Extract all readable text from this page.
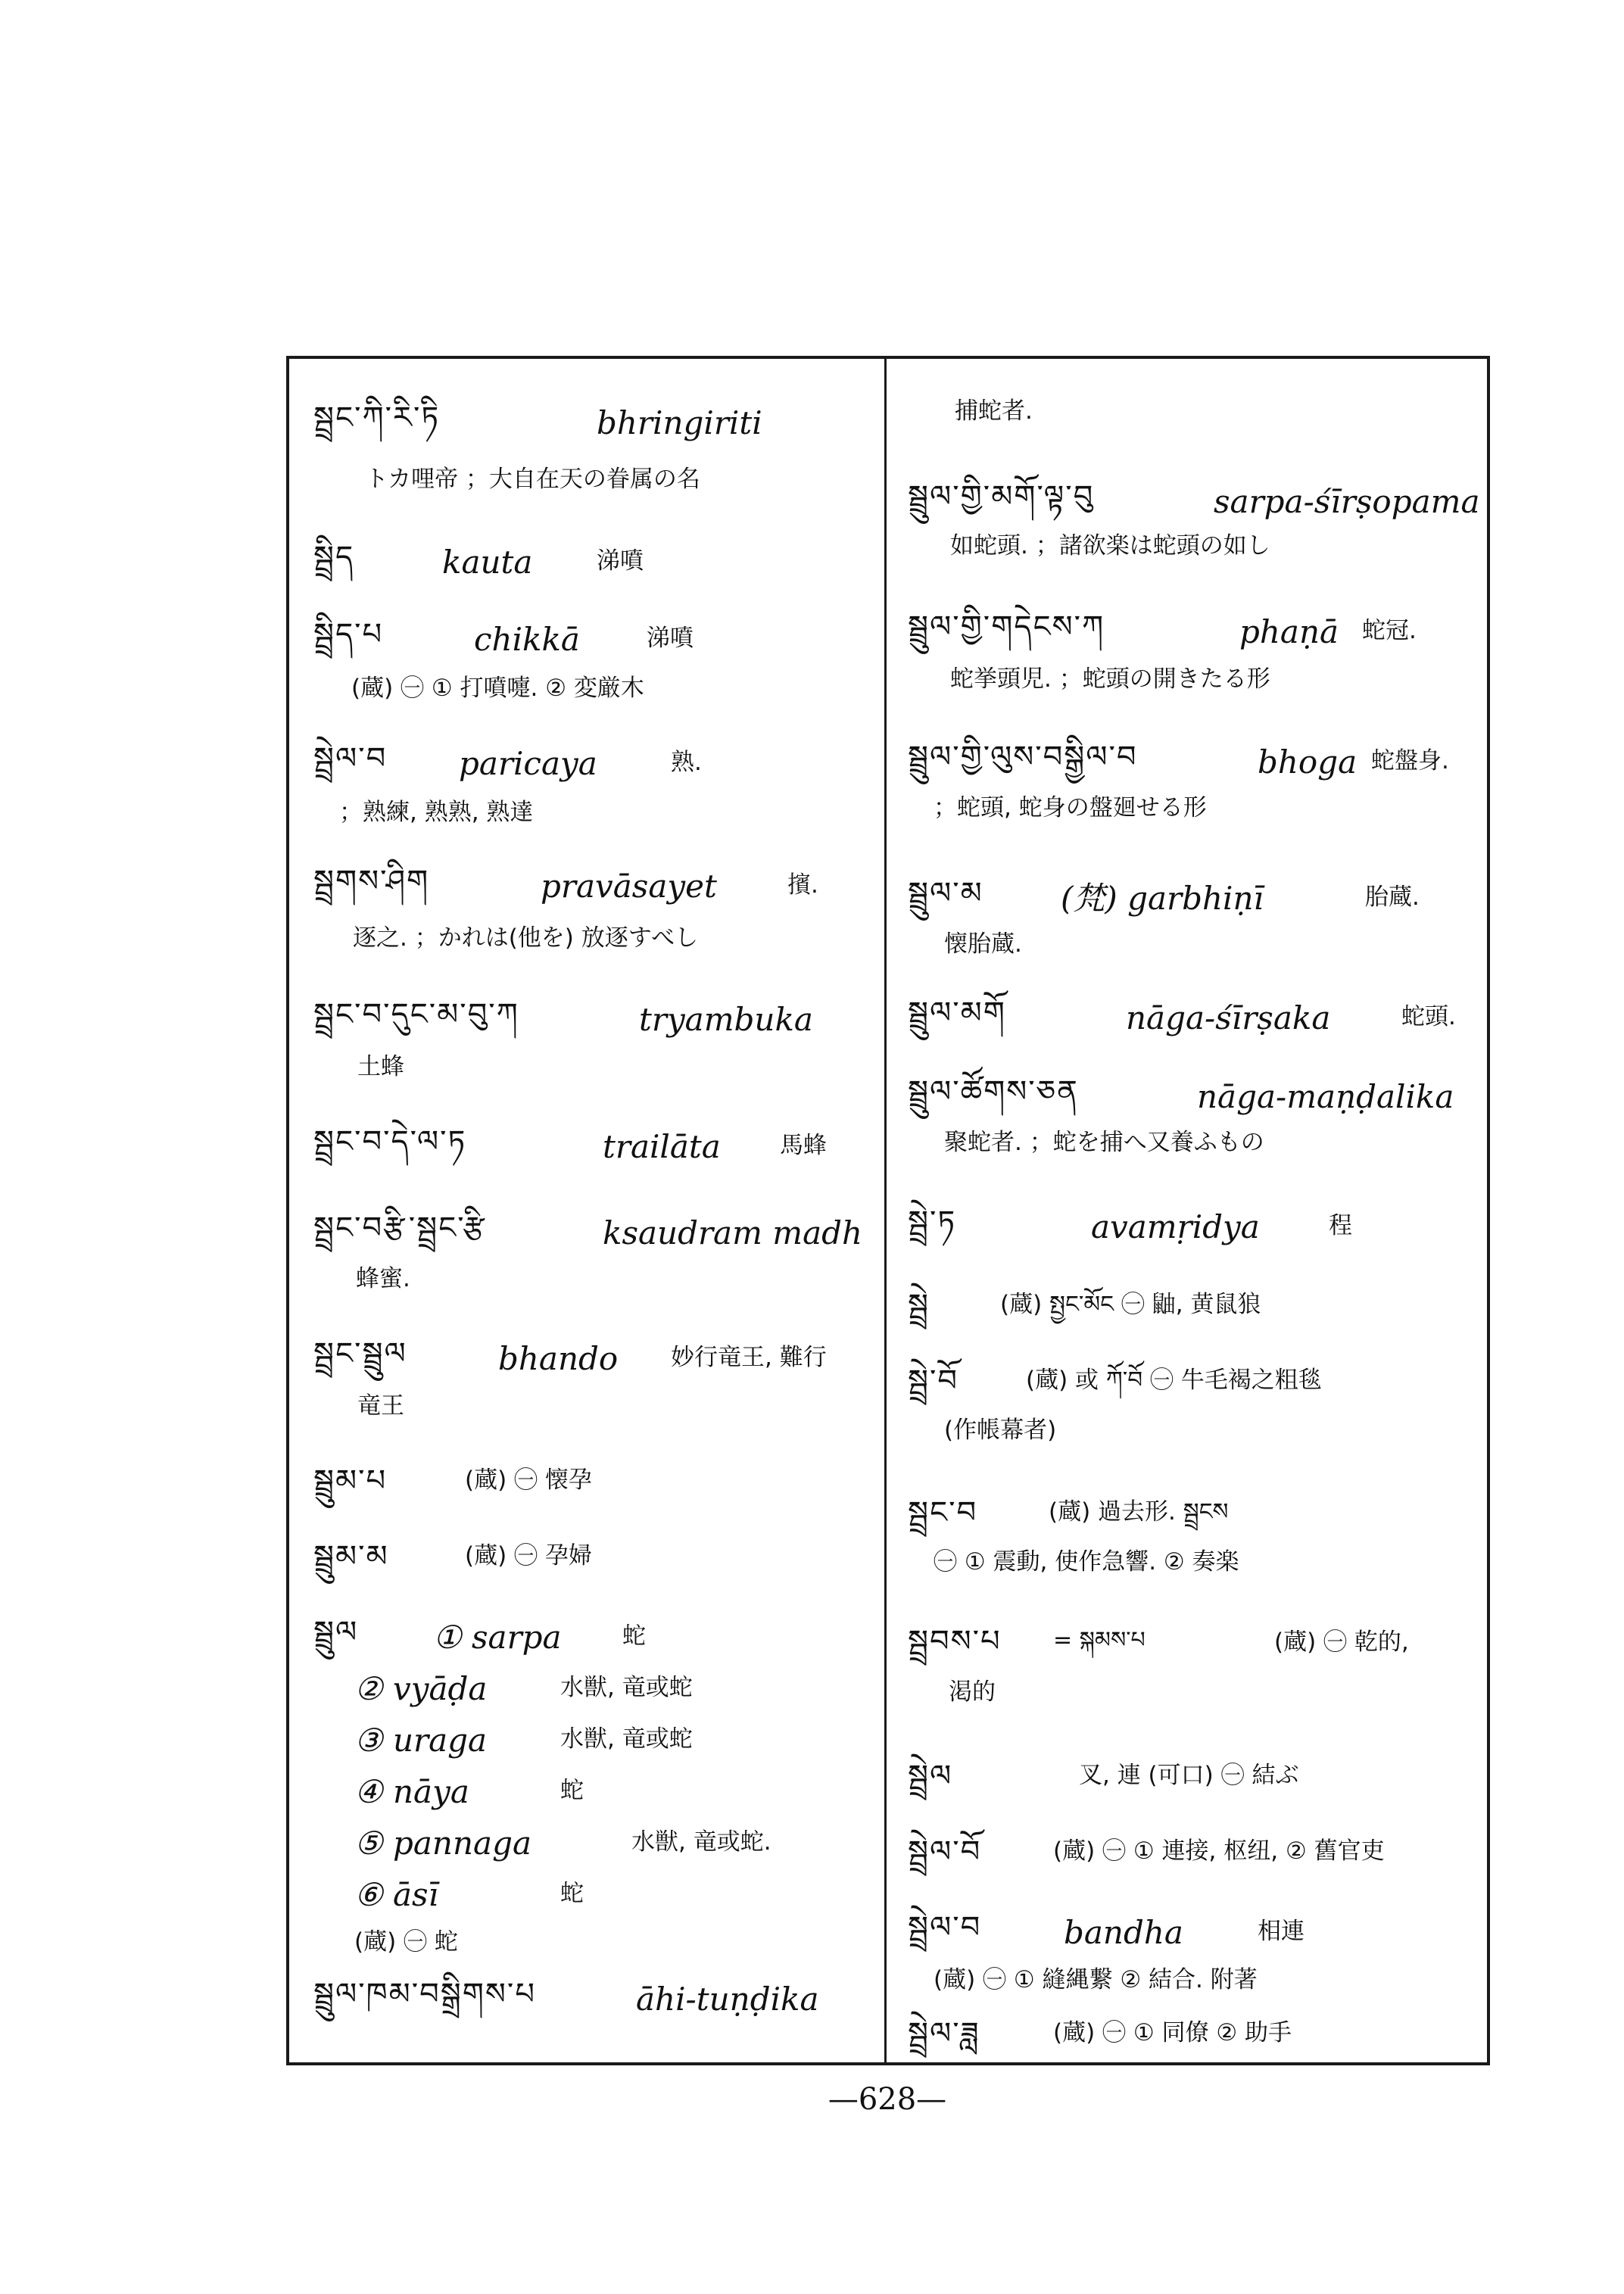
སྦྲང་ཀི་རི་ཏི	bhringiriti
トカ哩帝 ；大自在天の眷属の名
སྦྲིད	kauta	涕噴
སྦྲིད་པ	chikkā	涕噴
(蔵) ㊀ ① 打噴嚏. ② 変厳木
སྦྲེལ་བ paricaya	熟.
；熟練, 熟熟, 熟達
སྦྲགས་ཤིག	pravāsayet	擯.
逐之. ；かれは(他を) 放逐すべし
སྦྲང་བ་དུང་མ་བུ་ཀ	tryambuka
土蜂
སྦྲང་བ་དེ་ལ་ཏ	trailāta	馬蜂
སྦྲང་བརྩི་སྦྲང་རྩི	ksaudram madh
蜂蜜.
སྦྲང་སྦྲུལ	bhando 妙行竜王, 難行
竜王
སྦྲུམ་པ	(蔵) ㊀ 懐孕
སྦྲུམ་མ	(蔵) ㊀ 孕婦
སྦྲུལ ① sarpa	蛇
② vyāḍa	水獣, 竜或蛇
③ uraga	水獣, 竜或蛇
④ nāya	蛇
⑤ pannaga	水獣, 竜或蛇.
⑥ āsī	蛇
(蔵) ㊀ 蛇
སྦྲུལ་ཁམ་བསྒྲིགས་པ	āhi-tuṇḍika
捕蛇者.
སྦྲུལ་གྱི་མགོ་ལྟ་བུ	sarpa-śīrṣopama
如蛇頭. ；諸欲楽は蛇頭の如し
སྦྲུལ་གྱི་གདེངས་ཀ	phaṇā 蛇冠.
蛇挙頭児. ；蛇頭の開きたる形
སྦྲུལ་གྱི་ལུས་བསྒྱིལ་བ	bhoga 蛇盤身.
；蛇頭, 蛇身の盤廻せる形
སྦྲུལ་མ (梵) garbhiṇī	胎蔵.
懐胎蔵.
སྦྲུལ་མགོ	nāga-śīrṣaka	蛇頭.
སྦྲུལ་ཚོགས་ཅན	nāga-maṇḍalika
聚蛇者. ；蛇を捕へ又養ふもの
སྦྲེ་ཏ	avamṛidya	程
སྦྲེ	(蔵) སྤྱང་མོང ㊀ 鼬, 黄鼠狼
སྦྲེ་བོ	(蔵) 或 ཀོ་བོ ㊀ 牛毛褐之粗毯
(作帳幕者)
སྦྲང་བ	(蔵) 過去形. སྦྲངས
㊀ ① 震動, 使作急響. ② 奏楽
སྦྲབས་པ = སྐམས་པ	(蔵) ㊀ 乾的,
渇的
སྦྲེལ	叉, 連 (可口) ㊀ 結ぶ
སྦྲེལ་བོ	(蔵) ㊀ ① 連接, 枢纽, ② 舊官吏
སྦྲེལ་བ	bandha	相連
(蔵) ㊀ ① 縫縄繋 ② 結合. 附著
སྦྲེལ་ཟླ	(蔵) ㊀ ① 同僚 ② 助手
—628—
